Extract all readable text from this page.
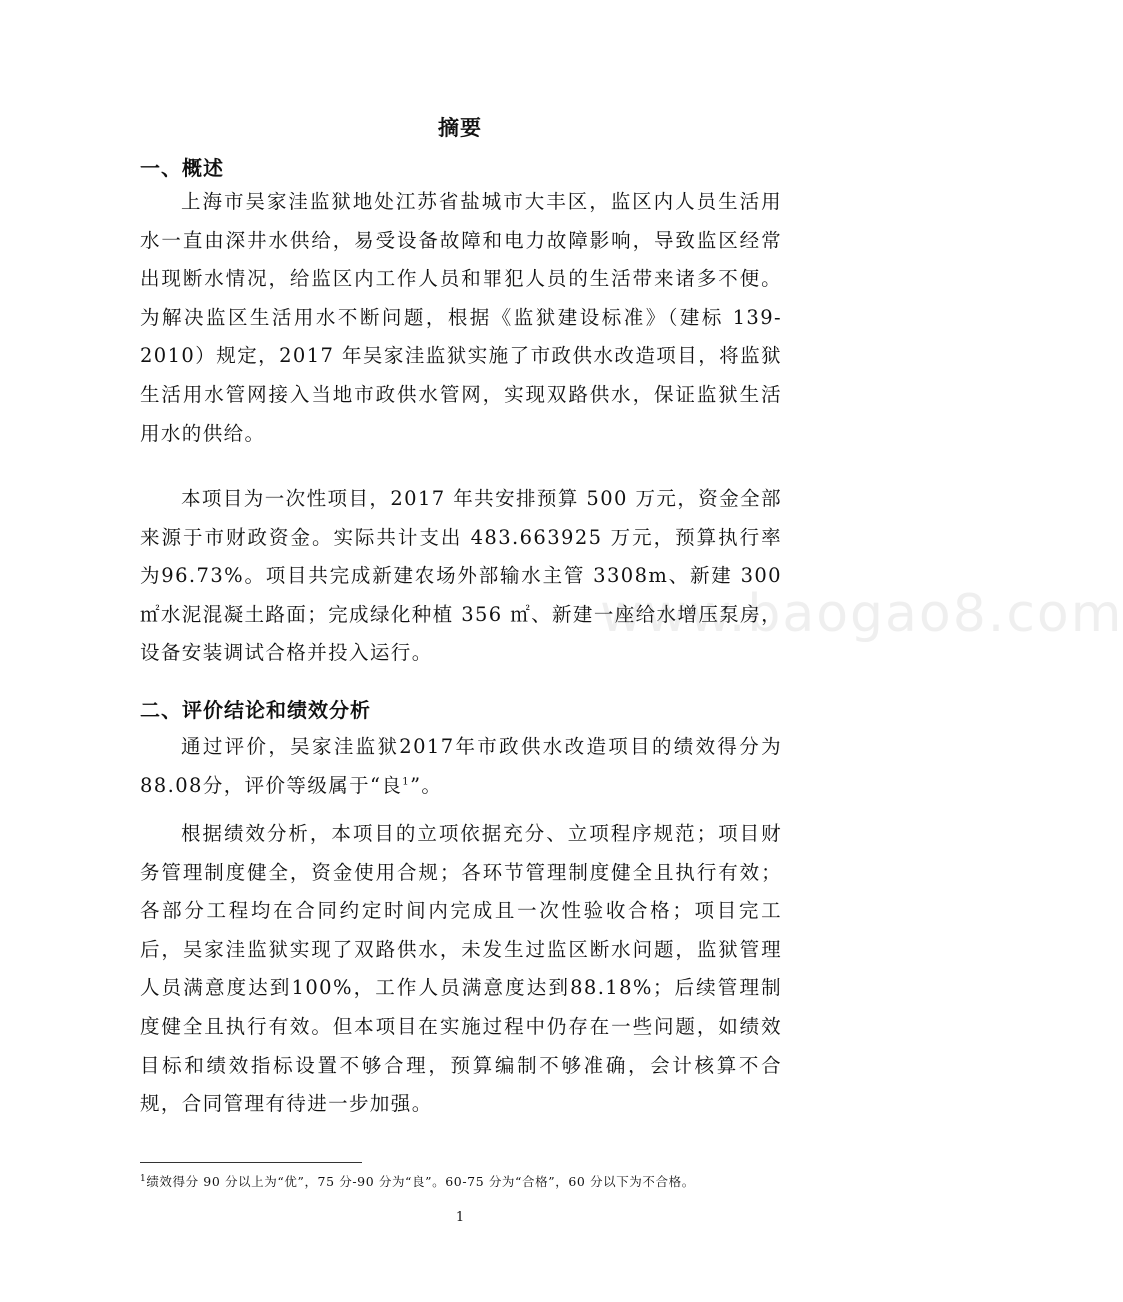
www.baogao8.com
摘要
一、概述

上海市吴家洼监狱地处江苏省盐城市大丰区，监区内人员生活用水一直由深井水供给，易受设备故障和电力故障影响，导致监区经常出现断水情况，给监区内工作人员和罪犯人员的生活带来诸多不便。为解决监区生活用水不断问题，根据《监狱建设标准》（建标 139-2010）规定，2017 年吴家洼监狱实施了市政供水改造项目，将监狱生活用水管网接入当地市政供水管网，实现双路供水，保证监狱生活用水的供给。

本项目为一次性项目，2017 年共安排预算 500 万元，资金全部来源于市财政资金。实际共计支出 483.663925 万元，预算执行率为96.73%。项目共完成新建农场外部输水主管 3308m、新建 300 ㎡水泥混凝土路面；完成绿化种植 356 ㎡、新建一座给水增压泵房，设备安装调试合格并投入运行。

二、评价结论和绩效分析

通过评价，吴家洼监狱2017年市政供水改造项目的绩效得分为88.08分，评价等级属于“良$^1$”。

根据绩效分析，本项目的立项依据充分、立项程序规范；项目财务管理制度健全，资金使用合规；各环节管理制度健全且执行有效；各部分工程均在合同约定时间内完成且一次性验收合格；项目完工后，吴家洼监狱实现了双路供水，未发生过监区断水问题，监狱管理人员满意度达到100%，工作人员满意度达到88.18%；后续管理制度健全且执行有效。但本项目在实施过程中仍存在一些问题，如绩效目标和绩效指标设置不够合理，预算编制不够准确，会计核算不合规，合同管理有待进一步加强。

$^1$绩效得分 90 分以上为“优”，75 分-90 分为“良”。60-75 分为“合格”，60 分以下为不合格。
1
